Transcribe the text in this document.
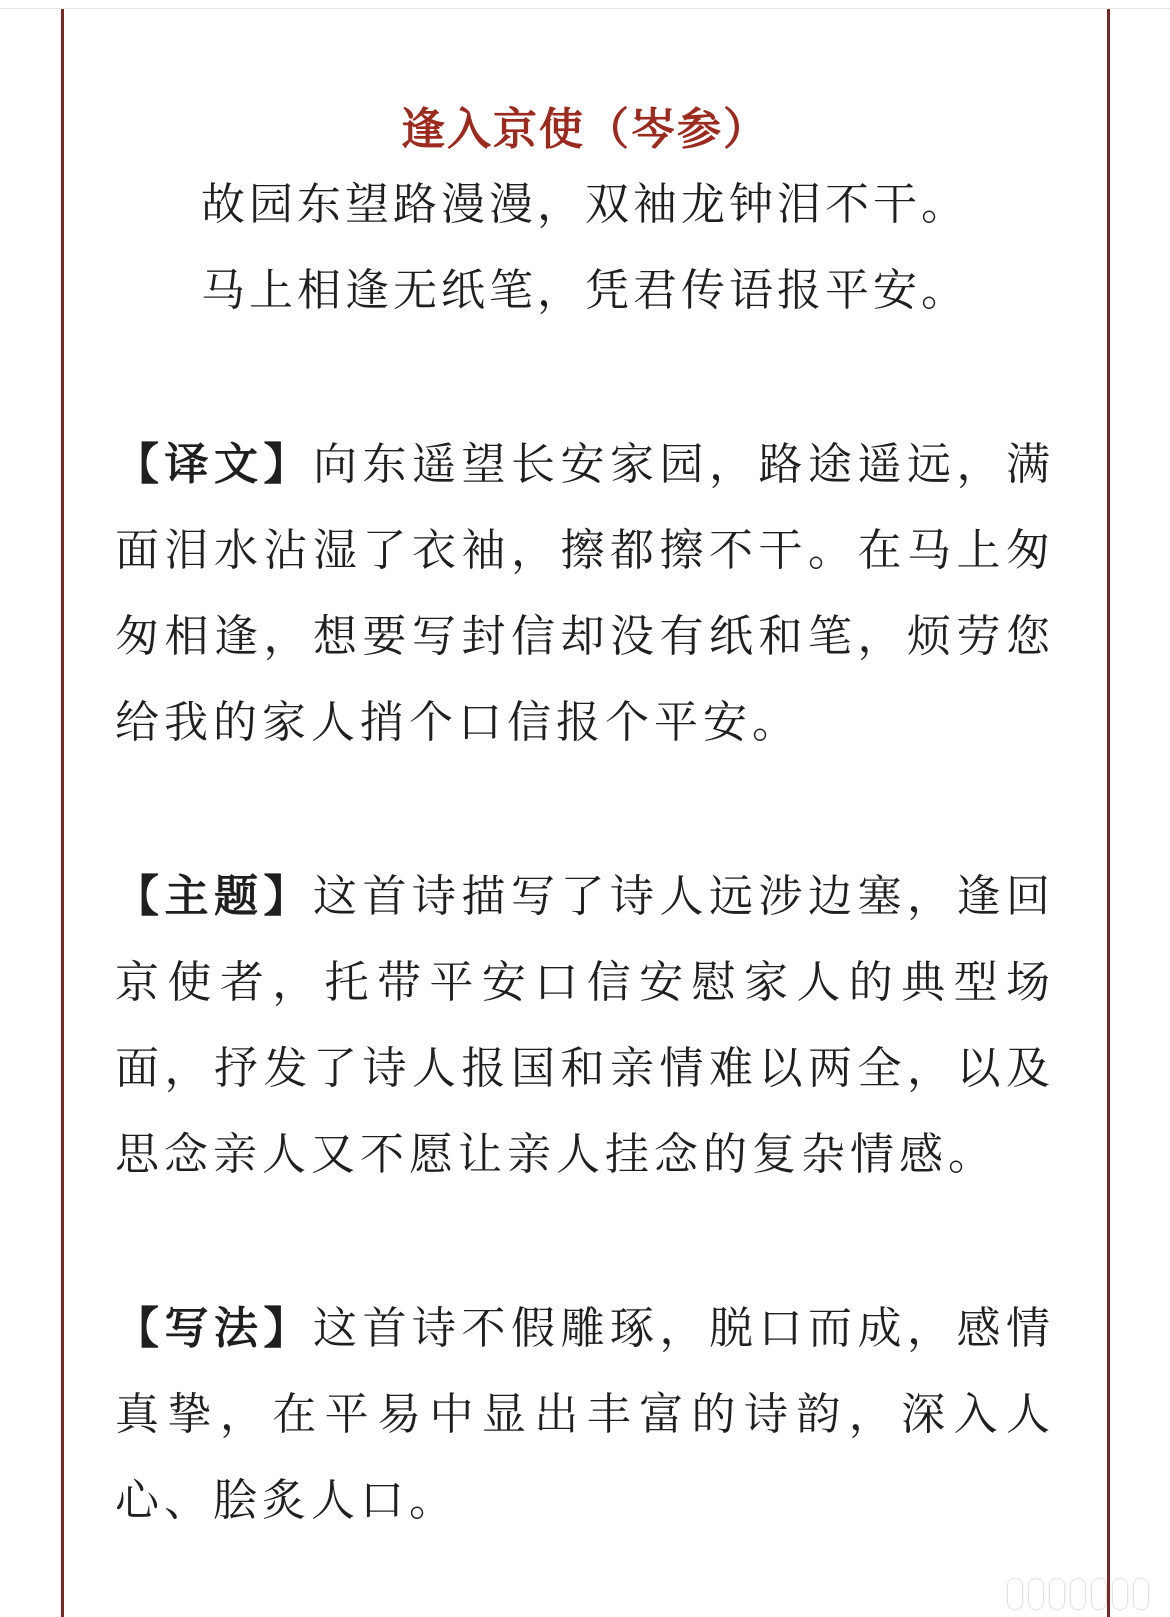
逢入京使（岑参）

故园东望路漫漫，双袖龙钟泪不干。

马上相逢无纸笔，凭君传语报平安。

【译文】向东遥望长安家园，路途遥远，满面泪水沾湿了衣袖，擦都擦不干。在马上匆匆相逢，想要写封信却没有纸和笔，烦劳您给我的家人捎个口信报个平安。

【主题】这首诗描写了诗人远涉边塞，逢回京使者，托带平安口信安慰家人的典型场面，抒发了诗人报国和亲情难以两全，以及思念亲人又不愿让亲人挂念的复杂情感。

【写法】这首诗不假雕琢，脱口而成，感情真挚，在平易中显出丰富的诗韵，深入人心、脍炙人口。
